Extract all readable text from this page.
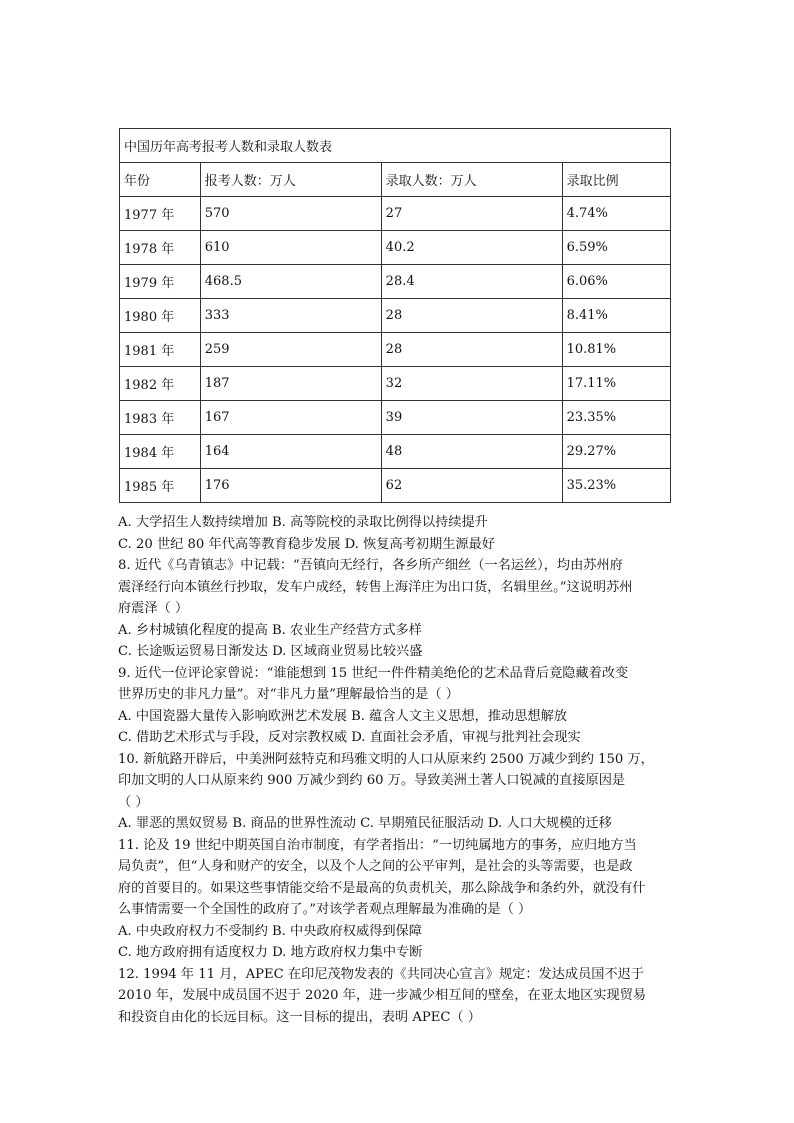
中国历年高考报考人数和录取人数表			
年份	报考人数：万人	录取人数：万人	录取比例
1977 年	570	27	4.74%
1978 年	610	40.2	6.59%
1979 年	468.5	28.4	6.06%
1980 年	333	28	8.41%
1981 年	259	28	10.81%
1982 年	187	32	17.11%
1983 年	167	39	23.35%
1984 年	164	48	29.27%
1985 年	176	62	35.23%

A. 大学招生人数持续增加 B. 高等院校的录取比例得以持续提升

C. 20 世纪 80 年代高等教育稳步发展 D. 恢复高考初期生源最好

8. 近代《乌青镇志》中记载：“吾镇向无经行，各乡所产细丝（一名运丝），均由苏州府

震泽经行向本镇丝行抄取，发车户成经，转售上海洋庄为出口货，名辑里丝。”这说明苏州

府震泽（ ）

A. 乡村城镇化程度的提高 B. 农业生产经营方式多样

C. 长途贩运贸易日渐发达 D. 区域商业贸易比较兴盛

9. 近代一位评论家曾说：“谁能想到 15 世纪一件件精美绝伦的艺术品背后竟隐藏着改变

世界历史的非凡力量”。对“非凡力量”理解最恰当的是（ ）

A. 中国瓷器大量传入影响欧洲艺术发展 B. 蕴含人文主义思想，推动思想解放

C. 借助艺术形式与手段，反对宗教权威 D. 直面社会矛盾，审视与批判社会现实

10. 新航路开辟后，中美洲阿兹特克和玛雅文明的人口从原来约 2500 万减少到约 150 万，

印加文明的人口从原来约 900 万减少到约 60 万。导致美洲土著人口锐减的直接原因是

（ ）

A. 罪恶的黑奴贸易 B. 商品的世界性流动 C. 早期殖民征服活动 D. 人口大规模的迁移

11. 论及 19 世纪中期英国自治市制度，有学者指出：“一切纯属地方的事务，应归地方当

局负责”，但“人身和财产的安全，以及个人之间的公平审判，是社会的头等需要，也是政

府的首要目的。如果这些事情能交给不是最高的负责机关，那么除战争和条约外，就没有什

么事情需要一个全国性的政府了。”对该学者观点理解最为准确的是（ ）

A. 中央政府权力不受制约 B. 中央政府权威得到保障

C. 地方政府拥有适度权力 D. 地方政府权力集中专断

12. 1994 年 11 月，APEC 在印尼茂物发表的《共同决心宣言》规定：发达成员国不迟于

2010 年，发展中成员国不迟于 2020 年，进一步减少相互间的壁垒，在亚太地区实现贸易

和投资自由化的长远目标。这一目标的提出，表明 APEC（ ）
